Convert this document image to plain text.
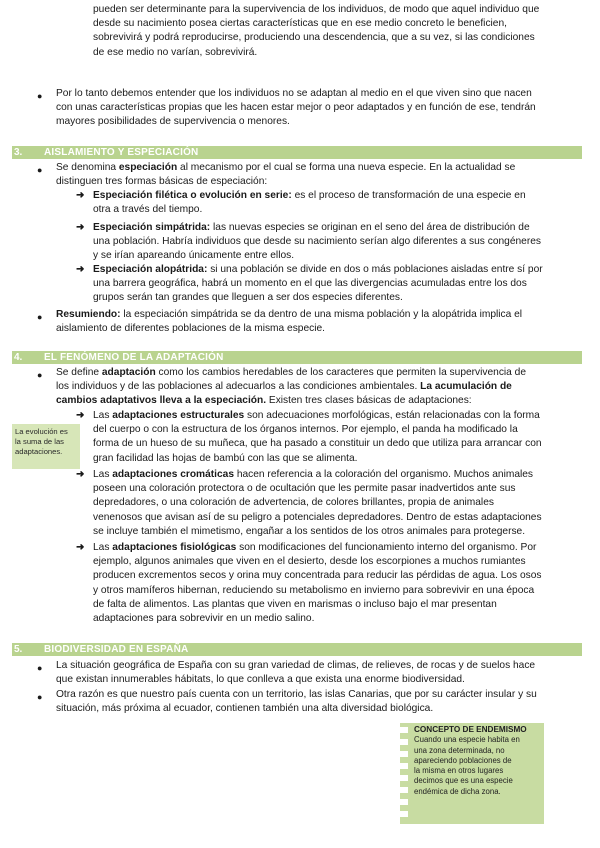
pueden ser determinante para la supervivencia de los individuos, de modo que aquel individuo que

desde su nacimiento posea ciertas características que en ese medio concreto le beneficien,

sobrevivirá y podrá reproducirse, produciendo una descendencia, que a su vez, si las condiciones

de ese medio no varían, sobrevivirá.

● Por lo tanto debemos entender que los individuos no se adaptan al medio en el que viven sino que nacen

con unas características propias que les hacen estar mejor o peor adaptados y en función de ese, tendrán

mayores posibilidades de supervivencia o menores.

3. AISLAMIENTO Y ESPECIACIÓN
● Se denomina especiación al mecanismo por el cual se forma una nueva especie. En la actualidad se

distinguen tres formas básicas de especiación:

➜ Especiación filética o evolución en serie: es el proceso de transformación de una especie en

otra a través del tiempo.

➜ Especiación simpátrida: las nuevas especies se originan en el seno del área de distribución de

una población. Habría individuos que desde su nacimiento serían algo diferentes a sus congéneres

y se irían apareando únicamente entre ellos.

➜ Especiación alopátrida: si una población se divide en dos o más poblaciones aisladas entre sí por

una barrera geográfica, habrá un momento en el que las divergencias acumuladas entre los dos

grupos serán tan grandes que lleguen a ser dos especies diferentes.

● Resumiendo: la especiación simpátrida se da dentro de una misma población y la alopátrida implica el

aislamiento de diferentes poblaciones de la misma especie.

4. EL FENÓMENO DE LA ADAPTACIÓN
● Se define adaptación como los cambios heredables de los caracteres que permiten la supervivencia de

los individuos y de las poblaciones al adecuarlos a las condiciones ambientales. La acumulación de

cambios adaptativos lleva a la especiación. Existen tres clases básicas de adaptaciones:

La evolución es

la suma de las

adaptaciones.

➜ Las adaptaciones estructurales son adecuaciones morfológicas, están relacionadas con la forma

del cuerpo o con la estructura de los órganos internos. Por ejemplo, el panda ha modificado la

forma de un hueso de su muñeca, que ha pasado a constituir un dedo que utiliza para arrancar con

gran facilidad las hojas de bambú con las que se alimenta.

➜ Las adaptaciones cromáticas hacen referencia a la coloración del organismo. Muchos animales

poseen una coloración protectora o de ocultación que les permite pasar inadvertidos ante sus

depredadores, o una coloración de advertencia, de colores brillantes, propia de animales

venenosos que avisan así de su peligro a potenciales depredadores. Dentro de estas adaptaciones

se incluye también el mimetismo, engañar a los sentidos de los otros animales para protegerse.

➜ Las adaptaciones fisiológicas son modificaciones del funcionamiento interno del organismo. Por

ejemplo, algunos animales que viven en el desierto, desde los escorpiones a muchos rumiantes

producen excrementos secos y orina muy concentrada para reducir las pérdidas de agua. Los osos

y otros mamíferos hibernan, reduciendo su metabolismo en invierno para sobrevivir en una época

de falta de alimentos. Las plantas que viven en marismas o incluso bajo el mar presentan

adaptaciones para sobrevivir en un medio salino.

5. BIODIVERSIDAD EN ESPAÑA
● La situación geográfica de España con su gran variedad de climas, de relieves, de rocas y de suelos hace

que existan innumerables hábitats, lo que conlleva a que exista una enorme biodiversidad.

● Otra razón es que nuestro país cuenta con un territorio, las islas Canarias, que por su carácter insular y su

situación, más próxima al ecuador, contienen también una alta diversidad biológica.

CONCEPTO DE ENDEMISMO

Cuando una especie habita en

una zona determinada, no

apareciendo poblaciones de

la misma en otros lugares

decimos que es una especie

endémica de dicha zona.
